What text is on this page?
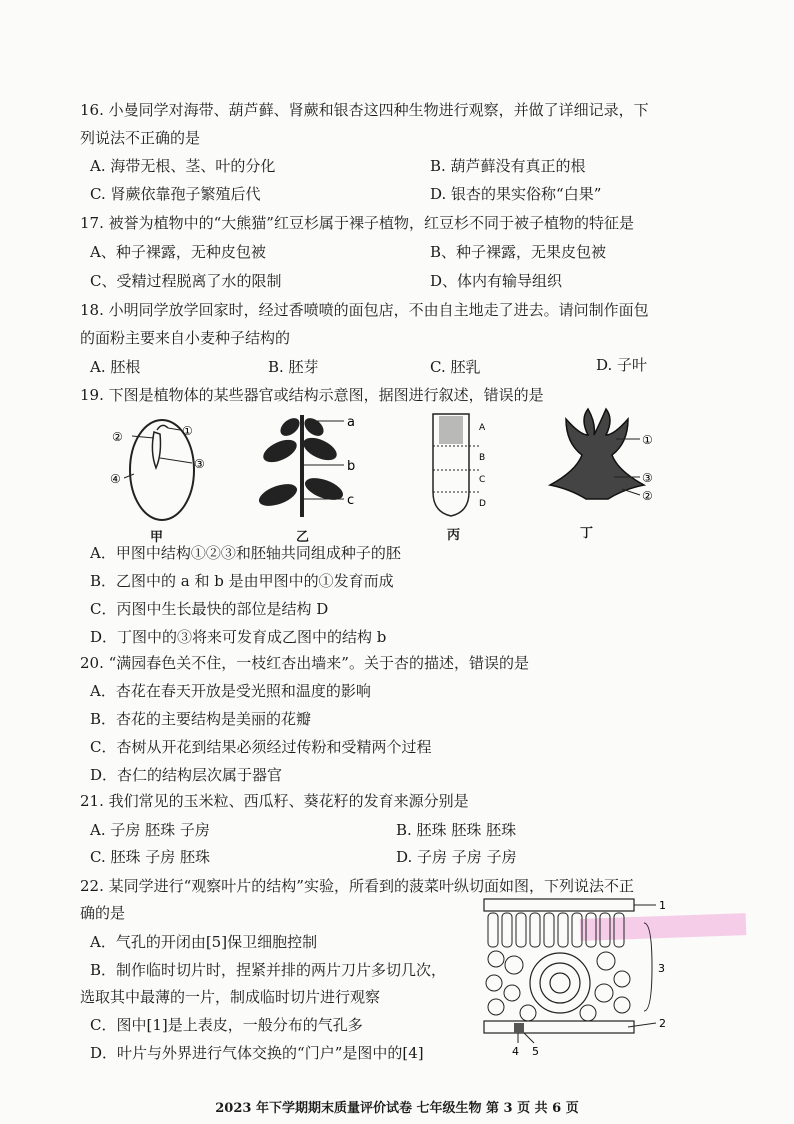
16. 小曼同学对海带、葫芦藓、肾蕨和银杏这四种生物进行观察，并做了详细记录，下
列说法不正确的是
A. 海带无根、茎、叶的分化	B. 葫芦藓没有真正的根
C. 肾蕨依靠孢子繁殖后代	D. 银杏的果实俗称“白果”
17. 被誉为植物中的“大熊猫”红豆杉属于裸子植物，红豆杉不同于被子植物的特征是
A、种子裸露，无种皮包被	B、种子裸露，无果皮包被
C、受精过程脱离了水的限制	D、体内有输导组织
18. 小明同学放学回家时，经过香喷喷的面包店，不由自主地走了进去。请问制作面包
的面粉主要来自小麦种子结构的
A. 胚根	B. 胚芽	C. 胚乳	D. 子叶
19. 下图是植物体的某些器官或结构示意图，据图进行叙述，错误的是
②	①
③
④
甲
a
b
c
乙
A
B
C
D
丙
①
③
②
丁
A．甲图中结构①②③和胚轴共同组成种子的胚
B．乙图中的 a 和 b 是由甲图中的①发育而成
C．丙图中生长最快的部位是结构 D
D．丁图中的③将来可发育成乙图中的结构 b
20. “满园春色关不住，一枝红杏出墙来”。关于杏的描述，错误的是
A．杏花在春天开放是受光照和温度的影响
B．杏花的主要结构是美丽的花瓣
C．杏树从开花到结果必须经过传粉和受精两个过程
D．杏仁的结构层次属于器官
21. 我们常见的玉米粒、西瓜籽、葵花籽的发育来源分别是
A. 子房 胚珠 子房	B. 胚珠 胚珠 胚珠
C. 胚珠 子房 胚珠	D. 子房 子房 子房
22. 某同学进行“观察叶片的结构”实验，所看到的菠菜叶纵切面如图，下列说法不正
确的是
A．气孔的开闭由[5]保卫细胞控制
B．制作临时切片时，捏紧并排的两片刀片多切几次，
选取其中最薄的一片，制成临时切片进行观察
C．图中[1]是上表皮，一般分布的气孔多
D．叶片与外界进行气体交换的“门户”是图中的[4]
1
3
2
4 5
2023 年下学期期末质量评价试卷 七年级生物 第 3 页 共 6 页
